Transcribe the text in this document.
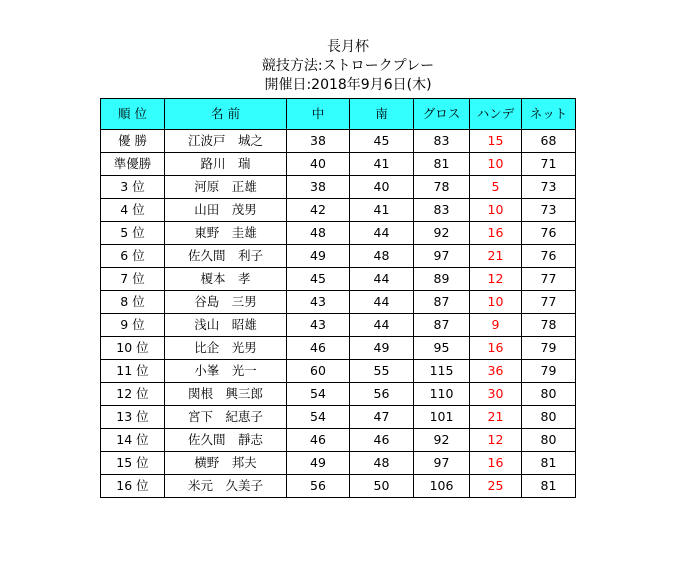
長月杯
競技方法:ストロークプレー
開催日:2018年9月6日(木)
順 位	名 前	中	南	グロス	ハンデ	ネット
優 勝	江波戸　城之	38	45	83	15	68
準優勝	路川　瑞	40	41	81	10	71
3 位	河原　正雄	38	40	78	5	73
4 位	山田　茂男	42	41	83	10	73
5 位	東野　圭雄	48	44	92	16	76
6 位	佐久間　利子	49	48	97	21	76
7 位	榎本　孝	45	44	89	12	77
8 位	谷島　三男	43	44	87	10	77
9 位	浅山　昭雄	43	44	87	9	78
10 位	比企　光男	46	49	95	16	79
11 位	小峯　光一	60	55	115	36	79
12 位	関根　興三郎	54	56	110	30	80
13 位	宮下　紀恵子	54	47	101	21	80
14 位	佐久間　靜志	46	46	92	12	80
15 位	横野　邦夫	49	48	97	16	81
16 位	米元　久美子	56	50	106	25	81
